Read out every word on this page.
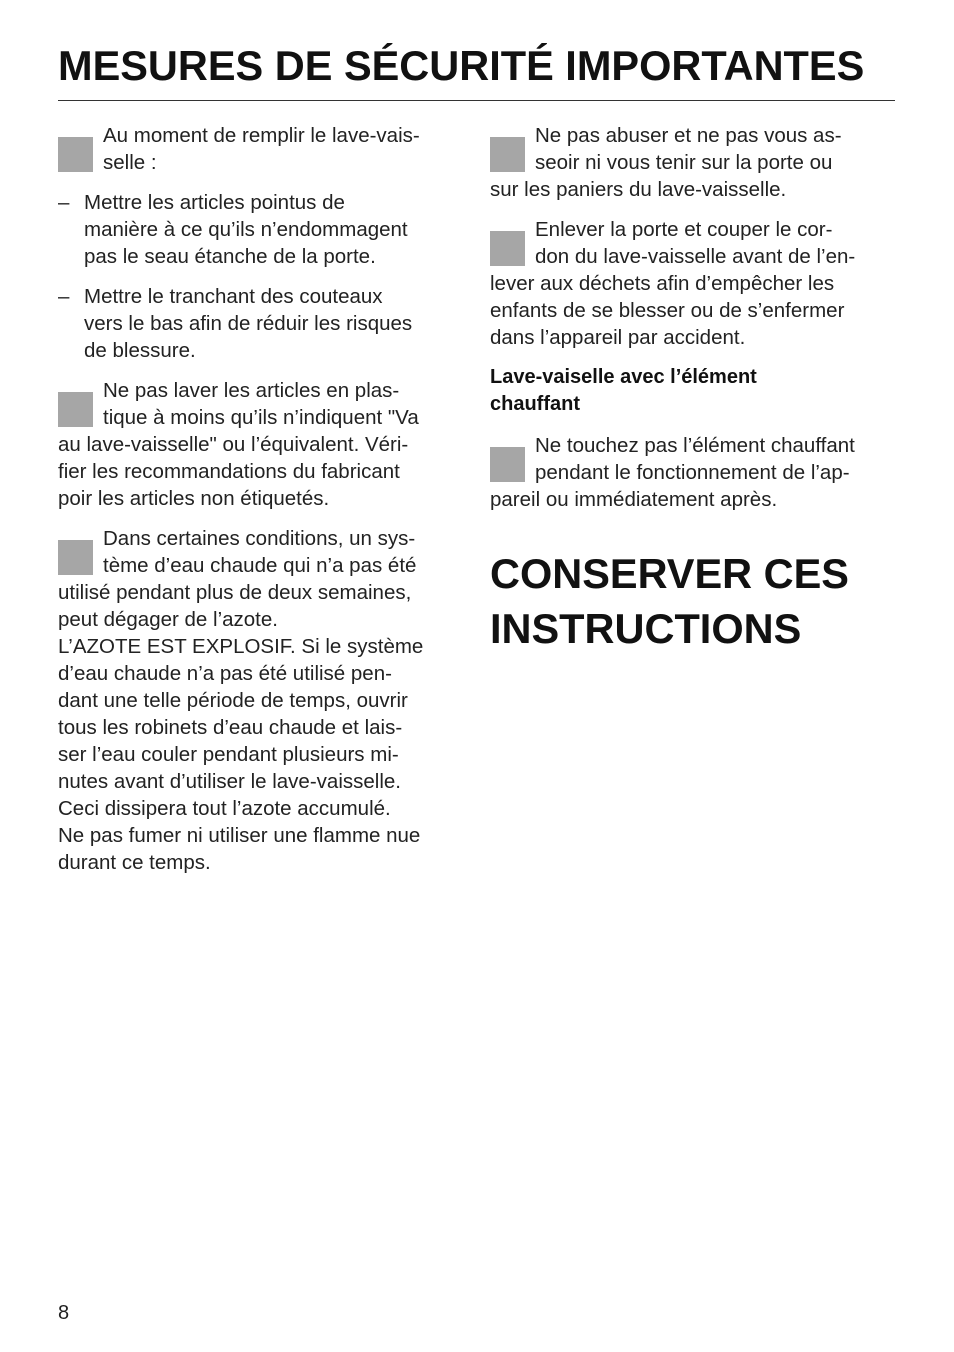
MESURES DE SÉCURITÉ IMPORTANTES

Au moment de remplir le lave-vais-
selle :

– Mettre les articles pointus de
manière à ce qu’ils n’endommagent
pas le seau étanche de la porte.
– Mettre le tranchant des couteaux
vers le bas afin de réduir les risques
de blessure.

Ne pas laver les articles en plas-
tique à moins qu’ils n’indiquent "Va
au lave-vaisselle" ou l’équivalent. Véri-
fier les recommandations du fabricant
poir les articles non étiquetés.

Dans certaines conditions, un sys-
tème d’eau chaude qui n’a pas été
utilisé pendant plus de deux semaines,
peut dégager de l’azote.
L’AZOTE EST EXPLOSIF. Si le système
d’eau chaude n’a pas été utilisé pen-
dant une telle période de temps, ouvrir
tous les robinets d’eau chaude et lais-
ser l’eau couler pendant plusieurs mi-
nutes avant d’utiliser le lave-vaisselle.
Ceci dissipera tout l’azote accumulé.
Ne pas fumer ni utiliser une flamme nue
durant ce temps.

Ne pas abuser et ne pas vous as-
seoir ni vous tenir sur la porte ou
sur les paniers du lave-vaisselle.

Enlever la porte et couper le cor-
don du lave-vaisselle avant de l’en-
lever aux déchets afin d’empêcher les
enfants de se blesser ou de s’enfermer
dans l’appareil par accident.

Lave-vaiselle avec l’élément
chauffant

Ne touchez pas l’élément chauffant
pendant le fonctionnement de l’ap-
pareil ou immédiatement après.

CONSERVER CES
INSTRUCTIONS
8
